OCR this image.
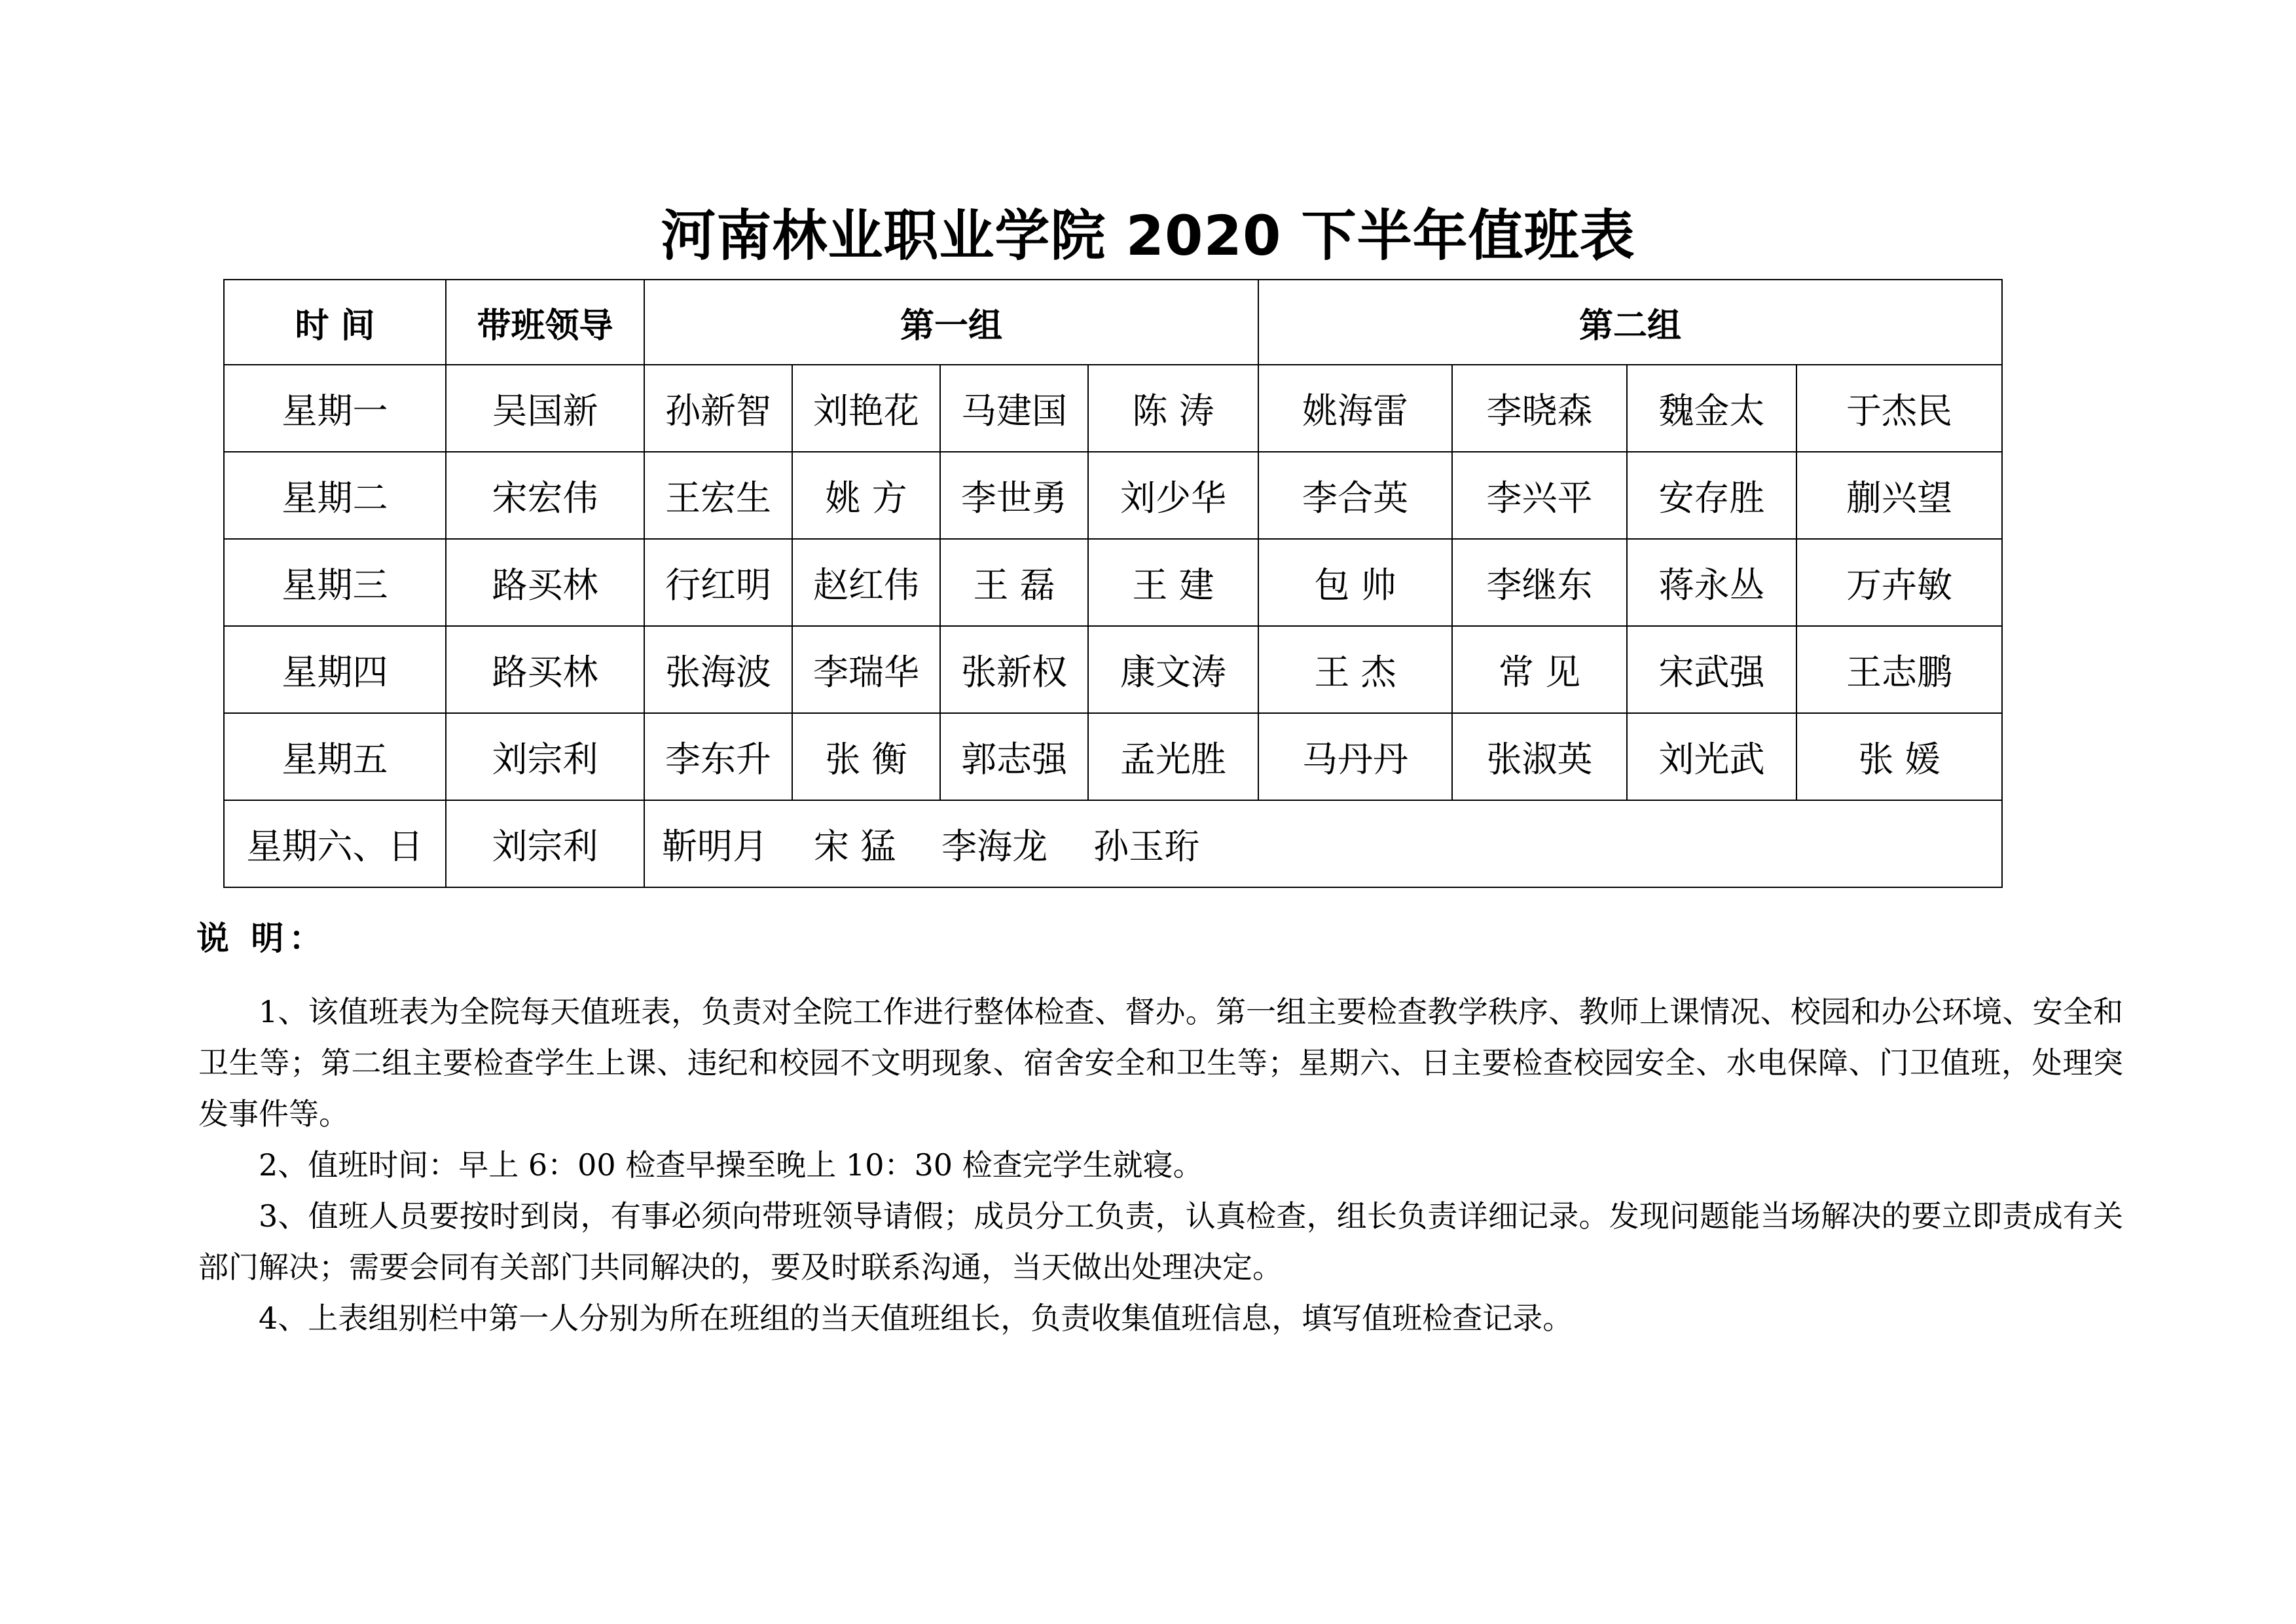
河南林业职业学院 2020 下半年值班表
时 间	带班领导	第一组				第二组			
星期一	吴国新	孙新智	刘艳花	马建国	陈 涛	姚海雷	李晓森	魏金太	于杰民
星期二	宋宏伟	王宏生	姚 方	李世勇	刘少华	李合英	李兴平	安存胜	蒯兴望
星期三	路买林	行红明	赵红伟	王 磊	王 建	包 帅	李继东	蒋永丛	万卉敏
星期四	路买林	张海波	李瑞华	张新权	康文涛	王 杰	常 见	宋武强	王志鹏
星期五	刘宗利	李东升	张 衡	郭志强	孟光胜	马丹丹	张淑英	刘光武	张 媛
星期六、日	刘宗利	靳明月 宋 猛 李海龙 孙玉珩							
说 明：

1、该值班表为全院每天值班表，负责对全院工作进行整体检查、督办。第一组主要检查教学秩序、教师上课情况、校园和办公环境、安全和卫生等；第二组主要检查学生上课、违纪和校园不文明现象、宿舍安全和卫生等；星期六、日主要检查校园安全、水电保障、门卫值班，处理突发事件等。

2、值班时间：早上 6：00 检查早操至晚上 10：30 检查完学生就寝。

3、值班人员要按时到岗，有事必须向带班领导请假；成员分工负责，认真检查，组长负责详细记录。发现问题能当场解决的要立即责成有关部门解决；需要会同有关部门共同解决的，要及时联系沟通，当天做出处理决定。

4、上表组别栏中第一人分别为所在班组的当天值班组长，负责收集值班信息，填写值班检查记录。
